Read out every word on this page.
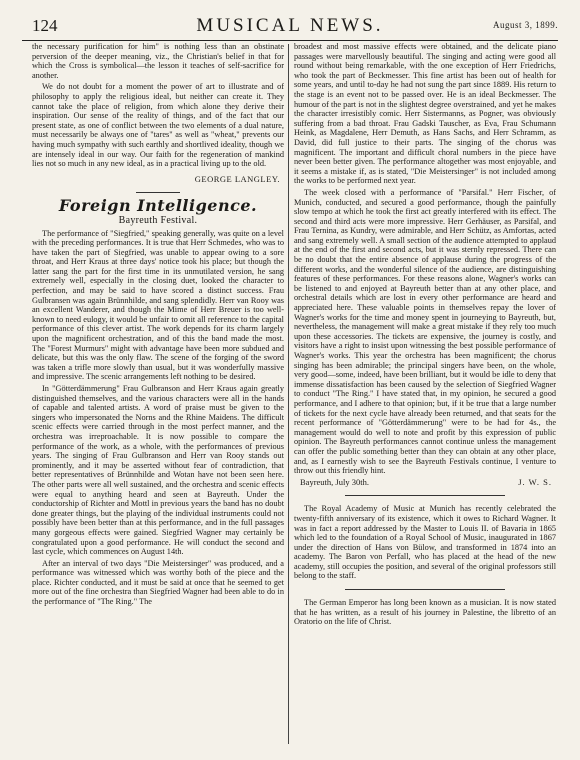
124	MUSICAL NEWS.	August 3, 1899.

the necessary purification for him" is nothing less than an obstinate perversion of the deeper meaning, viz., the Christian's belief in that for which the Cross is symbolical—the lesson it teaches of self-sacrifice for another.

We do not doubt for a moment the power of art to illustrate and of philosophy to apply the religious ideal, but neither can create it. They cannot take the place of religion, from which alone they derive their inspiration. Our sense of the reality of things, and of the fact that our present state, as one of conflict between the two elements of a dual nature, must necessarily be always one of "tares" as well as "wheat," prevents our having much sympathy with such earthly and shortlived ideality, though we are intensely ideal in our way. Our faith for the regeneration of mankind lies not so much in any new ideal, as in a practical living up to the old.

GEORGE LANGLEY.
Foreign Intelligence.
Bayreuth Festival.

The performance of "Siegfried," speaking generally, was quite on a level with the preceding performances. It is true that Herr Schmedes, who was to have taken the part of Siegfried, was unable to appear owing to a sore throat, and Herr Kraus at three days' notice took his place; but though the latter sang the part for the first time in its unmutilated version, he sang extremely well, especially in the closing duet, looked the character to perfection, and may be said to have scored a distinct success. Frau Gulbransen was again Brünnhilde, and sang splendidly. Herr van Rooy was an excellent Wanderer, and though the Mime of Herr Breuer is too well-known to need eulogy, it would be unfair to omit all reference to the capital performance of this clever artist. The work depends for its charm largely upon the magnificent orchestration, and of this the band made the most. The "Forest Murmurs" might with advantage have been more subdued and delicate, but this was the only flaw. The scene of the forging of the sword was taken a trifle more slowly than usual, but it was wonderfully massive and impressive. The scenic arrangements left nothing to be desired.

In "Götterdämmerung" Frau Gulbranson and Herr Kraus again greatly distinguished themselves, and the various characters were all in the hands of capable and talented artists. A word of praise must be given to the singers who impersonated the Norns and the Rhine Maidens. The difficult scenic effects were carried through in the most perfect manner, and the orchestra was irreproachable. It is now possible to compare the performance of the work, as a whole, with the performances of previous years. The singing of Frau Gulbranson and Herr van Rooy stands out prominently, and it may be asserted without fear of contradiction, that better representatives of Brünnhilde and Wotan have not been seen here. The other parts were all well sustained, and the orchestra and scenic effects were equal to anything heard and seen at Bayreuth. Under the conductorship of Richter and Mottl in previous years the band has no doubt done greater things, but the playing of the individual instruments could not possibly have been better than at this performance, and in the full passages many gorgeous effects were gained. Siegfried Wagner may certainly be congratulated upon a good performance. He will conduct the second and last cycle, which commences on August 14th.

After an interval of two days "Die Meistersinger" was produced, and a performance was witnessed which was worthy both of the piece and the place. Richter conducted, and it must be said at once that he seemed to get more out of the fine orchestra than Siegfried Wagner had been able to do in the performance of "The Ring." The

broadest and most massive effects were obtained, and the delicate piano passages were marvellously beautiful. The singing and acting were good all round without being remarkable, with the one exception of Herr Friedrichs, who took the part of Beckmesser. This fine artist has been out of health for some years, and until to-day he had not sung the part since 1889. His return to the stage is an event not to be passed over. He is an ideal Beckmesser. The humour of the part is not in the slightest degree overstrained, and yet he makes the character irresistibly comic. Herr Sistermanns, as Pogner, was obviously suffering from a bad throat. Frau Gadski Tauscher, as Eva, Frau Schumann Heink, as Magdalene, Herr Demuth, as Hans Sachs, and Herr Schramm, as David, did full justice to their parts. The singing of the chorus was magnificent. The important and difficult choral numbers in the piece have never been better given. The performance altogether was most enjoyable, and it seems a mistake if, as is stated, "Die Meistersinger" is not included among the works to be performed next year.

The week closed with a performance of "Parsifal." Herr Fischer, of Munich, conducted, and secured a good performance, though the painfully slow tempo at which he took the first act greatly interfered with its effect. The second and third acts were more impressive. Herr Gerhäuser, as Parsifal, and Frau Ternina, as Kundry, were admirable, and Herr Schütz, as Amfortas, acted and sang extremely well. A small section of the audience attempted to applaud at the end of the first and second acts, but it was sternly repressed. There can be no doubt that the entire absence of applause during the progress of the different works, and the wonderful silence of the audience, are distinguishing features of these performances. For these reasons alone, Wagner's works can be listened to and enjoyed at Bayreuth better than at any other place, and orchestral details which are lost in every other performance are heard and appreciated here. These valuable points in themselves repay the lover of Wagner's works for the time and money spent in journeying to Bayreuth, but, nevertheless, the management will make a great mistake if they rely too much upon these accessories. The tickets are expensive, the journey is costly, and visitors have a right to insist upon witnessing the best possible performance of Wagner's works. This year the orchestra has been magnificent; the chorus singing has been admirable; the principal singers have been, on the whole, very good—some, indeed, have been brilliant, but it would be idle to deny that immense dissatisfaction has been caused by the selection of Siegfried Wagner to conduct "The Ring." I have stated that, in my opinion, he secured a good performance, and I adhere to that opinion; but, if it be true that a large number of tickets for the next cycle have already been returned, and that seats for the recent performance of "Götterdämmerung" were to be had for 4s., the management would do well to note and profit by this expression of public opinion. The Bayreuth performances cannot continue unless the management can offer the public something better than they can obtain at any other place, and, as I earnestly wish to see the Bayreuth Festivals continue, I venture to throw out this friendly hint.

Bayreuth, July 30th.	J. W. S.

The Royal Academy of Music at Munich has recently celebrated the twenty-fifth anniversary of its existence, which it owes to Richard Wagner. It was in fact a report addressed by the Master to Louis II. of Bavaria in 1865 which led to the foundation of a Royal School of Music, inaugurated in 1867 under the direction of Hans von Bülow, and transformed in 1874 into an academy. The Baron von Perfall, who has placed at the head of the new academy, still occupies the position, and several of the original professors still belong to the staff.

The German Emperor has long been known as a musician. It is now stated that he has written, as a result of his journey in Palestine, the libretto of an Oratorio on the life of Christ.
